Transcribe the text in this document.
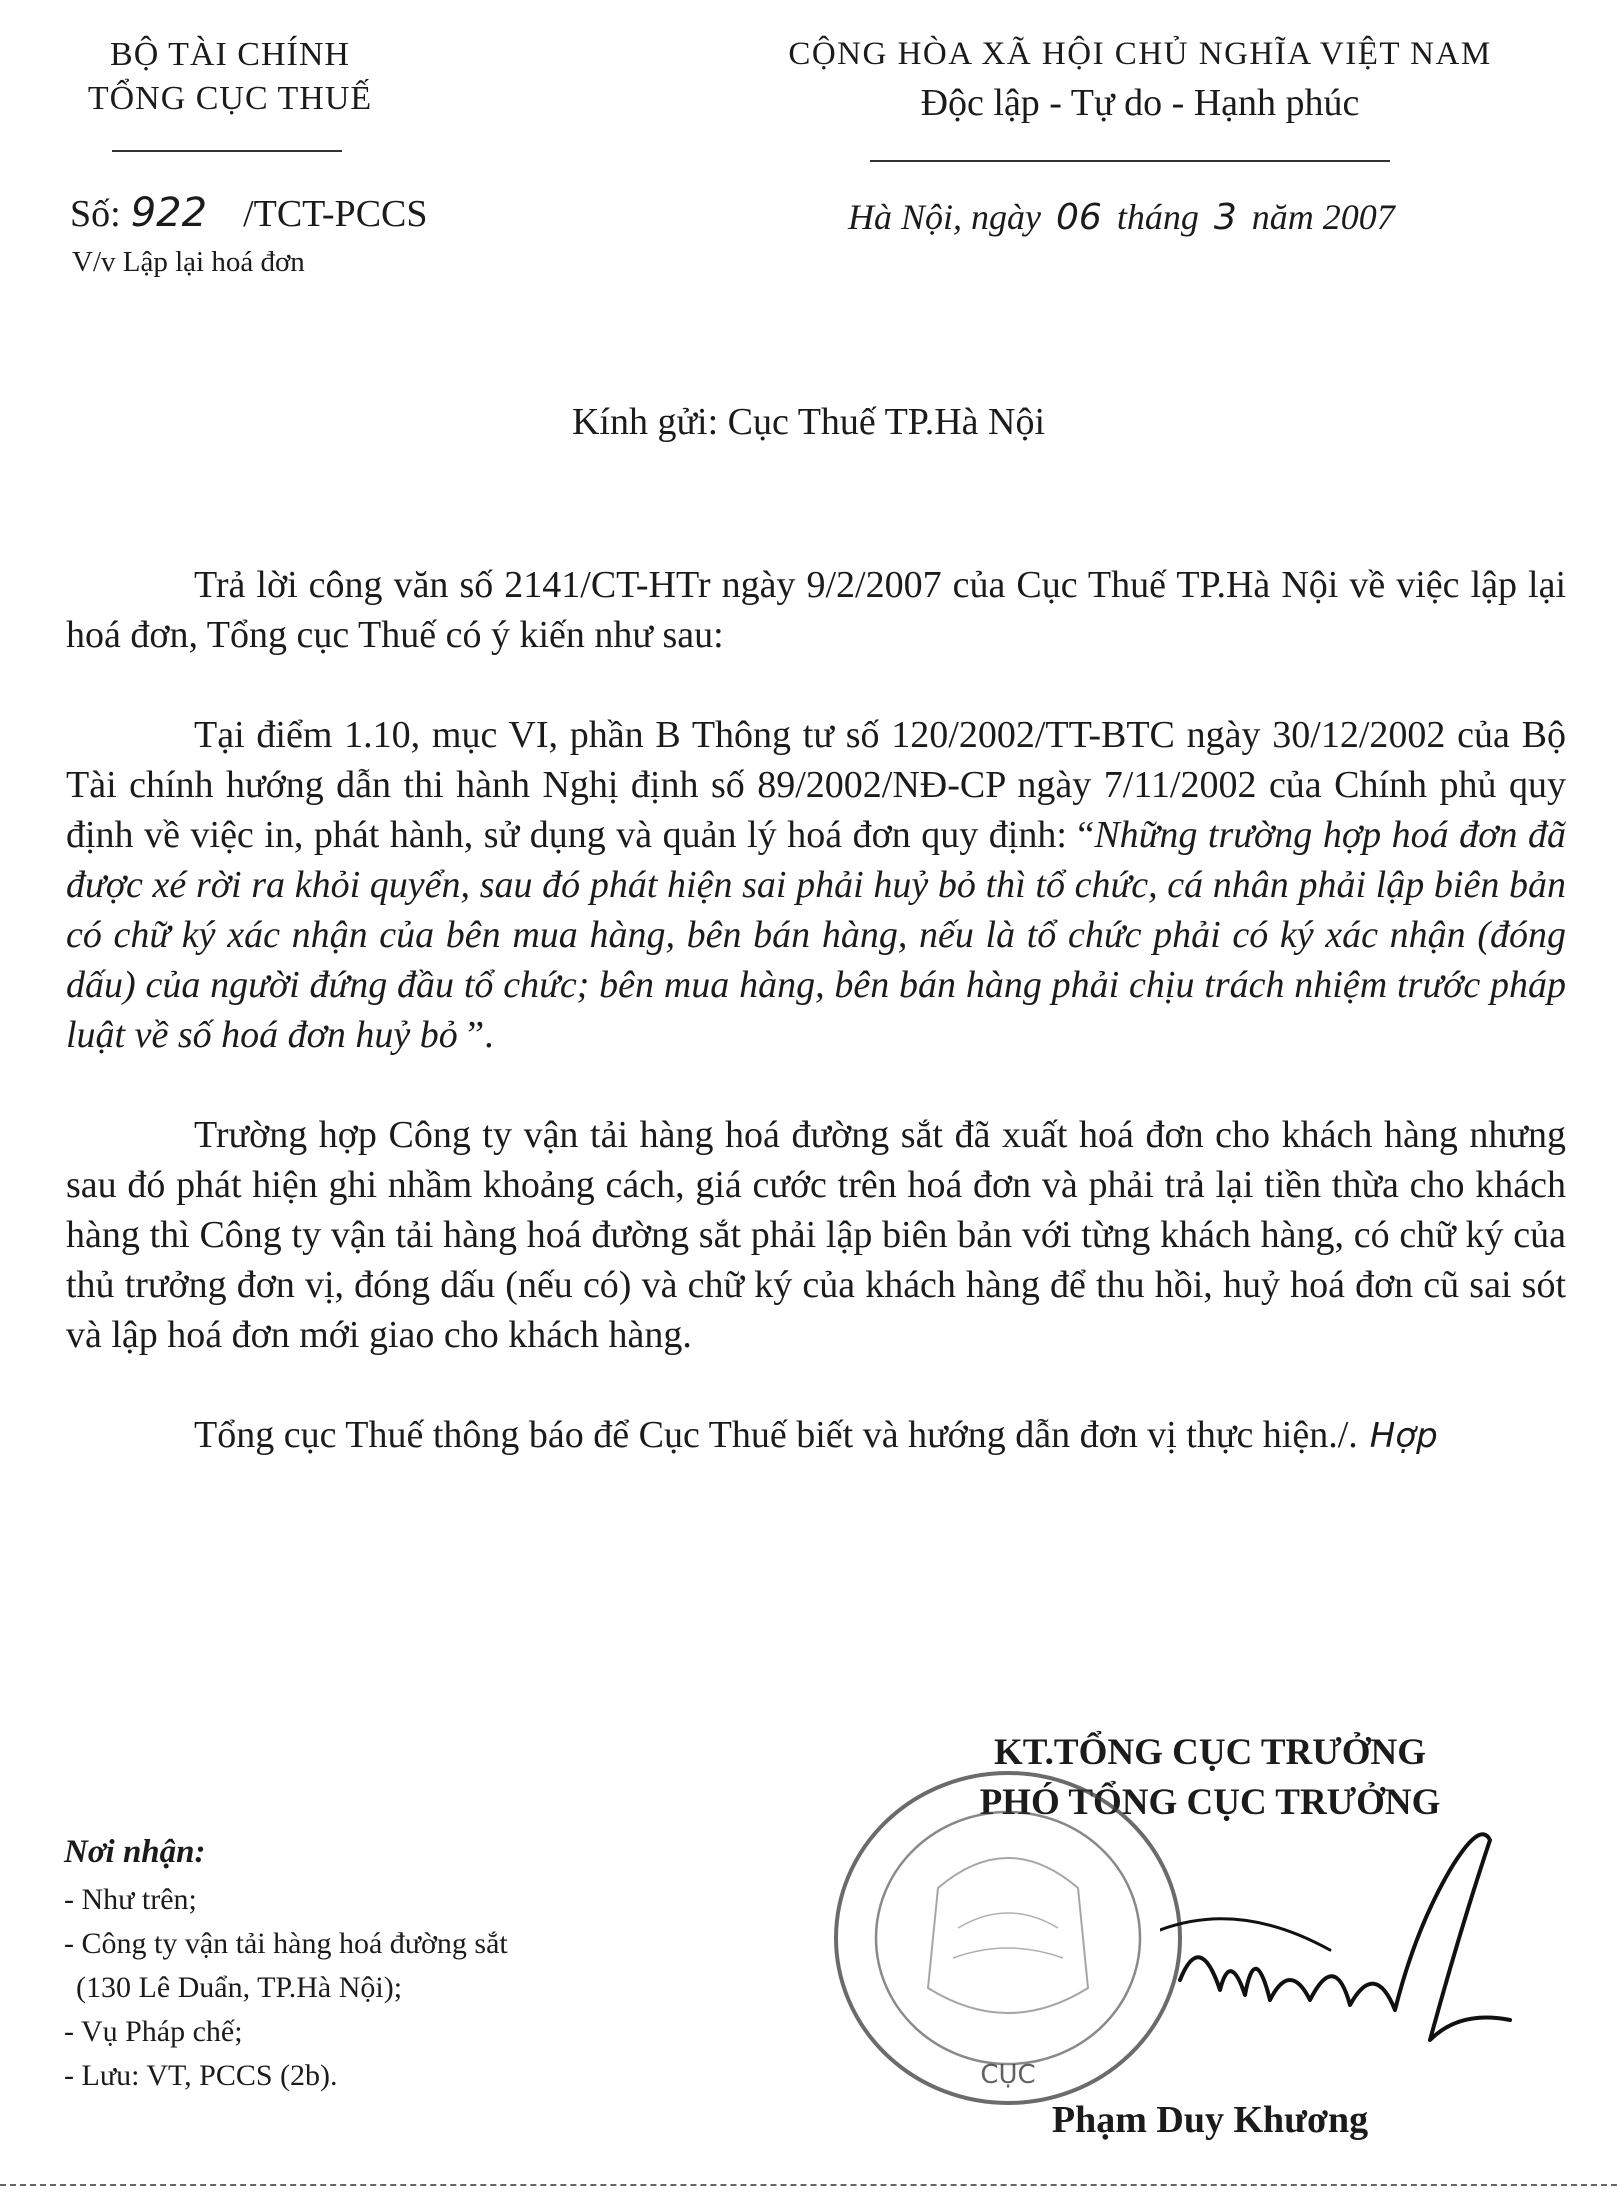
BỘ TÀI CHÍNH
TỔNG CỤC THUẾ
CỘNG HÒA XÃ HỘI CHỦ NGHĨA VIỆT NAM
Độc lập - Tự do - Hạnh phúc
Số: 922 /TCT-PCCS
V/v Lập lại hoá đơn
Hà Nội, ngày 06 tháng 3 năm 2007
Kính gửi: Cục Thuế TP.Hà Nội

Trả lời công văn số 2141/CT-HTr ngày 9/2/2007 của Cục Thuế TP.Hà Nội về việc lập lại hoá đơn, Tổng cục Thuế có ý kiến như sau:

Tại điểm 1.10, mục VI, phần B Thông tư số 120/2002/TT-BTC ngày 30/12/2002 của Bộ Tài chính hướng dẫn thi hành Nghị định số 89/2002/NĐ-CP ngày 7/11/2002 của Chính phủ quy định về việc in, phát hành, sử dụng và quản lý hoá đơn quy định: “Những trường hợp hoá đơn đã được xé rời ra khỏi quyển, sau đó phát hiện sai phải huỷ bỏ thì tổ chức, cá nhân phải lập biên bản có chữ ký xác nhận của bên mua hàng, bên bán hàng, nếu là tổ chức phải có ký xác nhận (đóng dấu) của người đứng đầu tổ chức; bên mua hàng, bên bán hàng phải chịu trách nhiệm trước pháp luật về số hoá đơn huỷ bỏ ”.

Trường hợp Công ty vận tải hàng hoá đường sắt đã xuất hoá đơn cho khách hàng nhưng sau đó phát hiện ghi nhầm khoảng cách, giá cước trên hoá đơn và phải trả lại tiền thừa cho khách hàng thì Công ty vận tải hàng hoá đường sắt phải lập biên bản với từng khách hàng, có chữ ký của thủ trưởng đơn vị, đóng dấu (nếu có) và chữ ký của khách hàng để thu hồi, huỷ hoá đơn cũ sai sót và lập hoá đơn mới giao cho khách hàng.

Tổng cục Thuế thông báo để Cục Thuế biết và hướng dẫn đơn vị thực hiện./. Hợp

KT.TỔNG CỤC TRƯỞNG
PHÓ TỔNG CỤC TRƯỞNG
CỤC
Phạm Duy Khương
Nơi nhận:
- Như trên;
- Công ty vận tải hàng hoá đường sắt
(130 Lê Duẩn, TP.Hà Nội);
- Vụ Pháp chế;
- Lưu: VT, PCCS (2b).
